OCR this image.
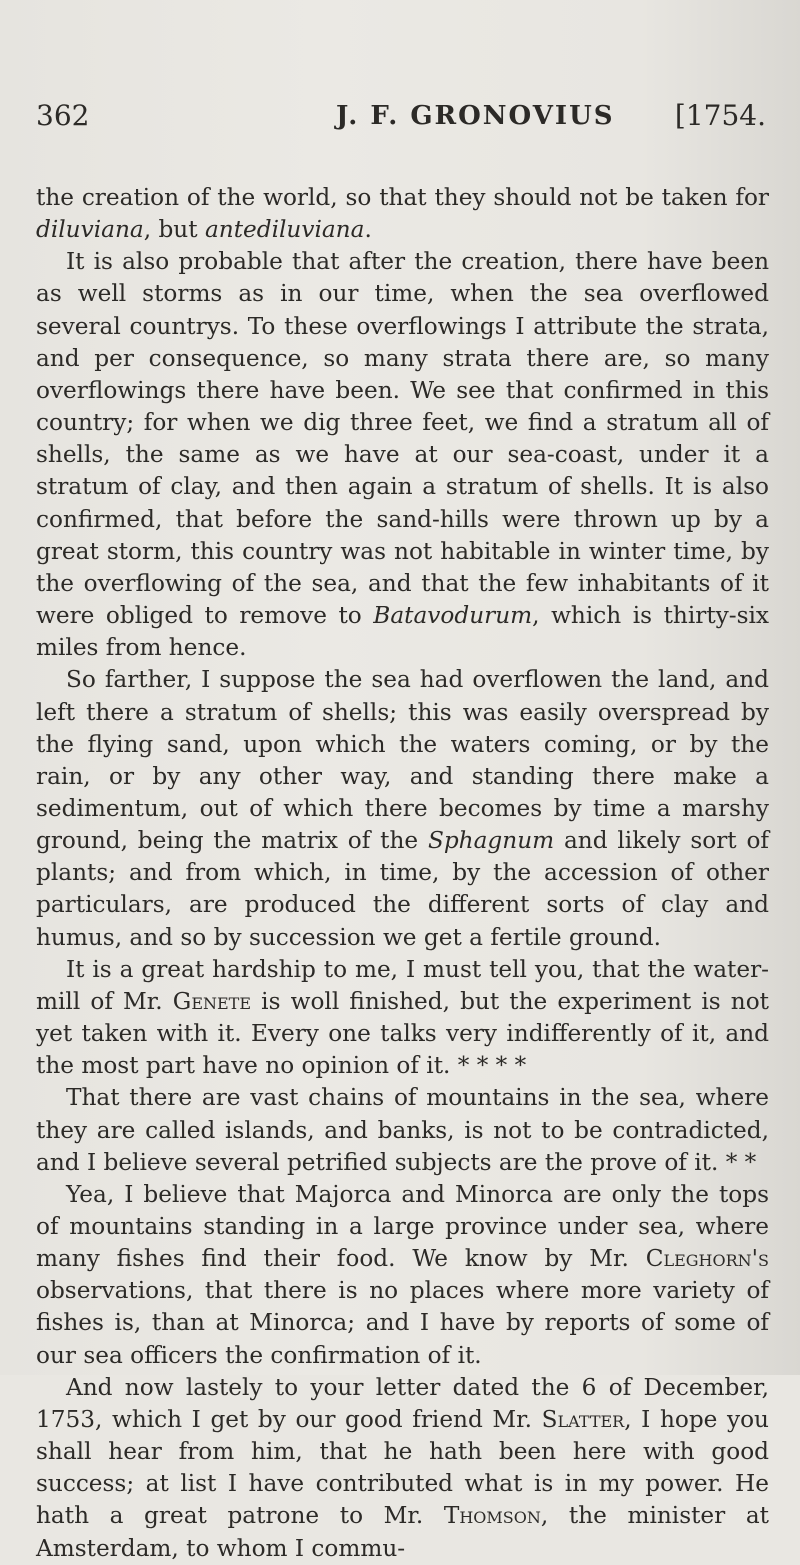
362	J. F. GRONOVIUS [1754.

the creation of the world, so that they should not be taken for diluviana, but antediluviana.

It is also probable that after the creation, there have been as well storms as in our time, when the sea overflowed several countrys. To these overflowings I attribute the strata, and per consequence, so many strata there are, so many overflowings there have been. We see that confirmed in this country; for when we dig three feet, we find a stratum all of shells, the same as we have at our sea-coast, under it a stratum of clay, and then again a stratum of shells. It is also confirmed, that before the sand-hills were thrown up by a great storm, this country was not habitable in winter time, by the overflowing of the sea, and that the few inhabitants of it were obliged to remove to Batavodurum, which is thirty-six miles from hence.

So farther, I suppose the sea had overflowen the land, and left there a stratum of shells; this was easily overspread by the flying sand, upon which the waters coming, or by the rain, or by any other way, and standing there make a sedimentum, out of which there becomes by time a marshy ground, being the matrix of the Sphagnum and likely sort of plants; and from which, in time, by the accession of other particulars, are produced the different sorts of clay and humus, and so by succession we get a fertile ground.

It is a great hardship to me, I must tell you, that the water-mill of Mr. Genete is woll finished, but the experiment is not yet taken with it. Every one talks very indifferently of it, and the most part have no opinion of it. * * * *

That there are vast chains of mountains in the sea, where they are called islands, and banks, is not to be contradicted, and I believe several petrified subjects are the prove of it. * *

Yea, I believe that Majorca and Minorca are only the tops of mountains standing in a large province under sea, where many fishes find their food. We know by Mr. Cleghorn's observations, that there is no places where more variety of fishes is, than at Minorca; and I have by reports of some of our sea officers the confirmation of it.

And now lastely to your letter dated the 6 of December, 1753, which I get by our good friend Mr. Slatter, I hope you shall hear from him, that he hath been here with good success; at list I have contributed what is in my power. He hath a great patrone to Mr. Thomson, the minister at Amsterdam, to whom I commu-
